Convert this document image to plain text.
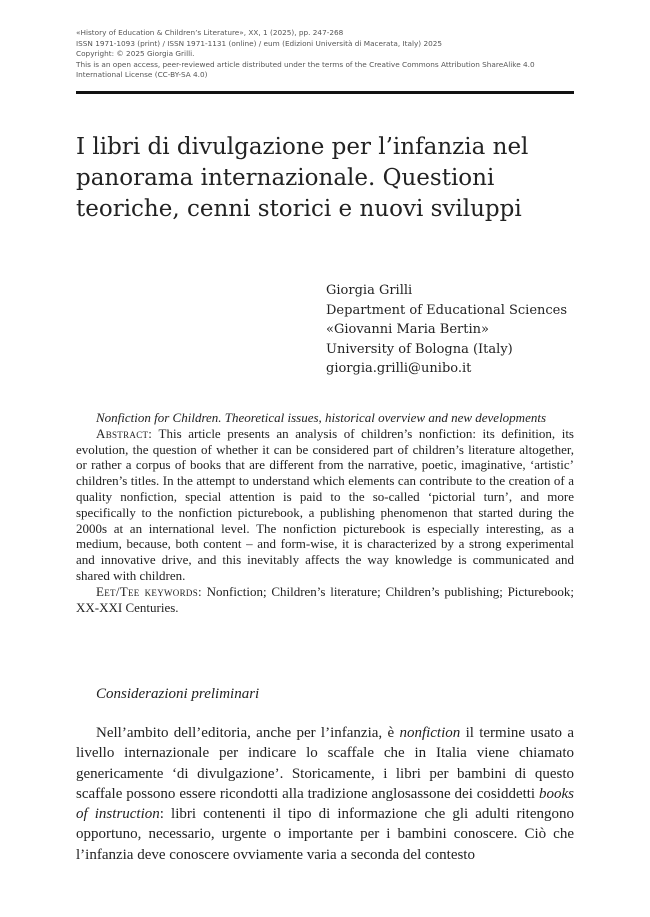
«History of Education & Children’s Literature», XX, 1 (2025), pp. 247-268
ISSN 1971-1093 (print) / ISSN 1971-1131 (online) / eum (Edizioni Università di Macerata, Italy) 2025
Copyright: © 2025 Giorgia Grilli.
This is an open access, peer-reviewed article distributed under the terms of the Creative Commons Attribution ShareAlike 4.0
International License (CC-BY-SA 4.0)
I libri di divulgazione per l’infanzia nel
panorama internazionale. Questioni
teoriche, cenni storici e nuovi sviluppi
Giorgia Grilli
Department of Educational Sciences
«Giovanni Maria Bertin»
University of Bologna (Italy)
giorgia.grilli@unibo.it

Nonfiction for Children. Theoretical issues, historical overview and new developments

Abstract: This article presents an analysis of children’s nonfiction: its definition, its evolution, the question of whether it can be considered part of children’s literature altogether, or rather a corpus of books that are different from the narrative, poetic, imaginative, ‘artistic’ children’s titles. In the attempt to understand which elements can contribute to the creation of a quality nonfiction, special attention is paid to the so-called ‘pictorial turn’, and more specifically to the nonfiction picturebook, a publishing phenomenon that started during the 2000s at an international level. The nonfiction picturebook is especially interesting, as a medium, because, both content – and form-wise, it is characterized by a strong experimental and innovative drive, and this inevitably affects the way knowledge is communicated and shared with children.

Eet/Tee keywords: Nonfiction; Children’s literature; Children’s publishing; Picturebook; XX-XXI Centuries.

Considerazioni preliminari

Nell’ambito dell’editoria, anche per l’infanzia, è nonfiction il termine usato a livello internazionale per indicare lo scaffale che in Italia viene chiamato genericamente ‘di divulgazione’. Storicamente, i libri per bambini di questo scaffale possono essere ricondotti alla tradizione anglosassone dei cosiddetti books of instruction: libri contenenti il tipo di informazione che gli adulti ritengono opportuno, necessario, urgente o importante per i bambini conoscere. Ciò che l’infanzia deve conoscere ovviamente varia a seconda del contesto
